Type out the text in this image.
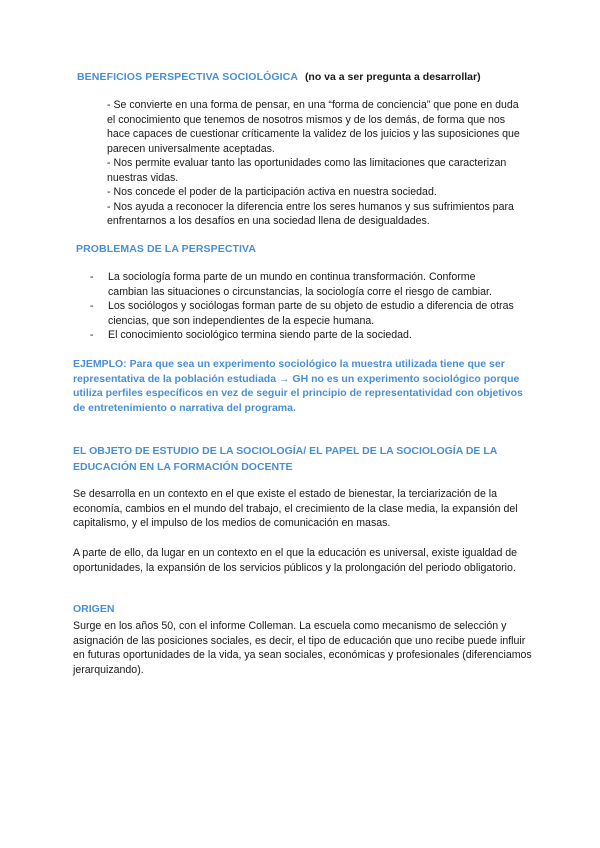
BENEFICIOS PERSPECTIVA SOCIOLÓGICA (no va a ser pregunta a desarrollar)

- Se convierte en una forma de pensar, en una “forma de conciencia” que pone en duda el conocimiento que tenemos de nosotros mismos y de los demás, de forma que nos hace capaces de cuestionar críticamente la validez de los juicios y las suposiciones que parecen universalmente aceptadas.

- Nos permite evaluar tanto las oportunidades como las limitaciones que caracterizan nuestras vidas.

- Nos concede el poder de la participación activa en nuestra sociedad.

- Nos ayuda a reconocer la diferencia entre los seres humanos y sus sufrimientos para enfrentarnos a los desafíos en una sociedad llena de desigualdades.

PROBLEMAS DE LA PERSPECTIVA
- La sociología forma parte de un mundo en continua transformación. Conforme cambian las situaciones o circunstancias, la sociología corre el riesgo de cambiar.
- Los sociólogos y sociólogas forman parte de su objeto de estudio a diferencia de otras ciencias, que son independientes de la especie humana.
- El conocimiento sociológico termina siendo parte de la sociedad.
EJEMPLO: Para que sea un experimento sociológico la muestra utilizada tiene que ser representativa de la población estudiada → GH no es un experimento sociológico porque utiliza perfiles específicos en vez de seguir el principio de representatividad con objetivos de entretenimiento o narrativa del programa.
EL OBJETO DE ESTUDIO DE LA SOCIOLOGÍA/ EL PAPEL DE LA SOCIOLOGÍA DE LA EDUCACIÓN EN LA FORMACIÓN DOCENTE
Se desarrolla en un contexto en el que existe el estado de bienestar, la terciarización de la economía, cambios en el mundo del trabajo, el crecimiento de la clase media, la expansión del capitalismo, y el impulso de los medios de comunicación en masas.
A parte de ello, da lugar en un contexto en el que la educación es universal, existe igualdad de oportunidades, la expansión de los servicios públicos y la prolongación del periodo obligatorio.
ORIGEN
Surge en los años 50, con el informe Colleman. La escuela como mecanismo de selección y asignación de las posiciones sociales, es decir, el tipo de educación que uno recibe puede influir en futuras oportunidades de la vida, ya sean sociales, económicas y profesionales (diferenciamos jerarquizando).
